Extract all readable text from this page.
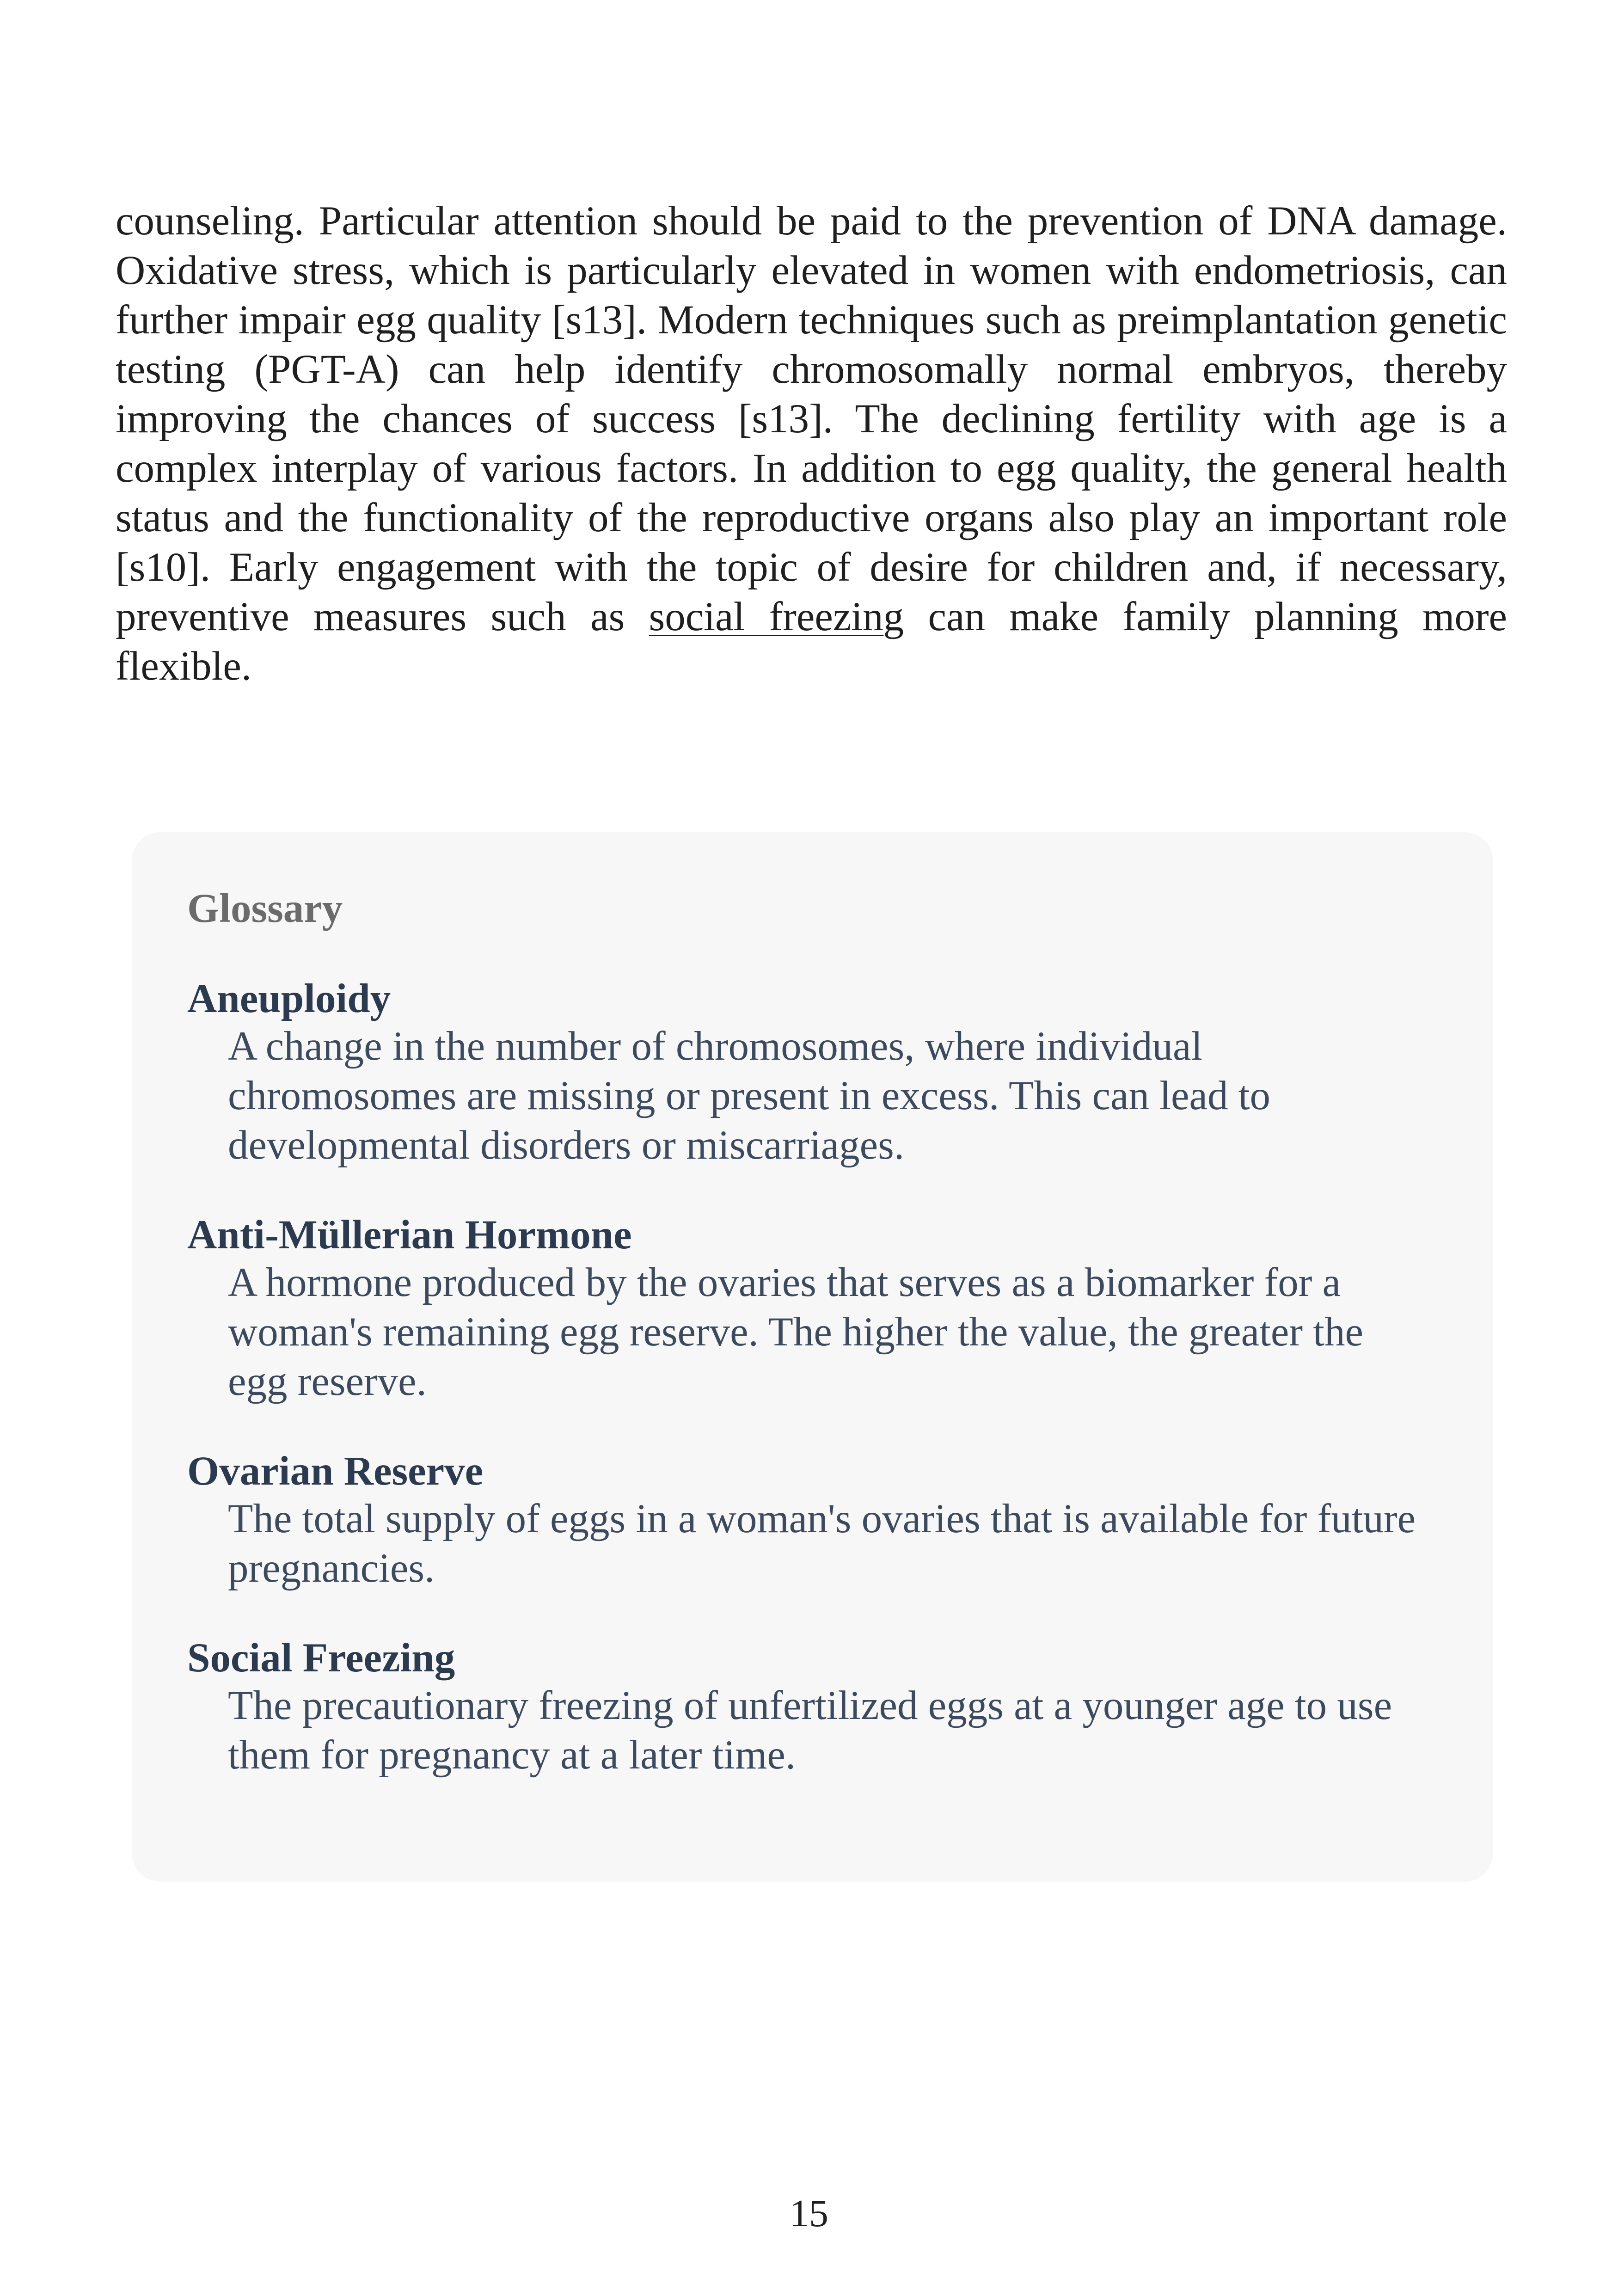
counseling. Particular attention should be paid to the prevention of DNA damage. Oxidative stress, which is particularly elevated in women with endometriosis, can further impair egg quality [s13]. Modern techniques such as preimplantation genetic testing (PGT-A) can help identify chromosomally normal embryos, thereby improving the chances of success [s13]. The declining fertility with age is a complex interplay of various factors. In addition to egg quality, the general health status and the functionality of the reproductive organs also play an important role [s10]. Early engagement with the topic of desire for children and, if necessary, preventive measures such as social freezing can make family planning more flexible.

Glossary

Aneuploidy

A change in the number of chromosomes, where individual chromosomes are missing or present in excess. This can lead to developmental disorders or miscarriages.

Anti-Müllerian Hormone

A hormone produced by the ovaries that serves as a biomarker for a woman's remaining egg reserve. The higher the value, the greater the egg reserve.

Ovarian Reserve

The total supply of eggs in a woman's ovaries that is available for future pregnancies.

Social Freezing

The precautionary freezing of unfertilized eggs at a younger age to use them for pregnancy at a later time.

15
